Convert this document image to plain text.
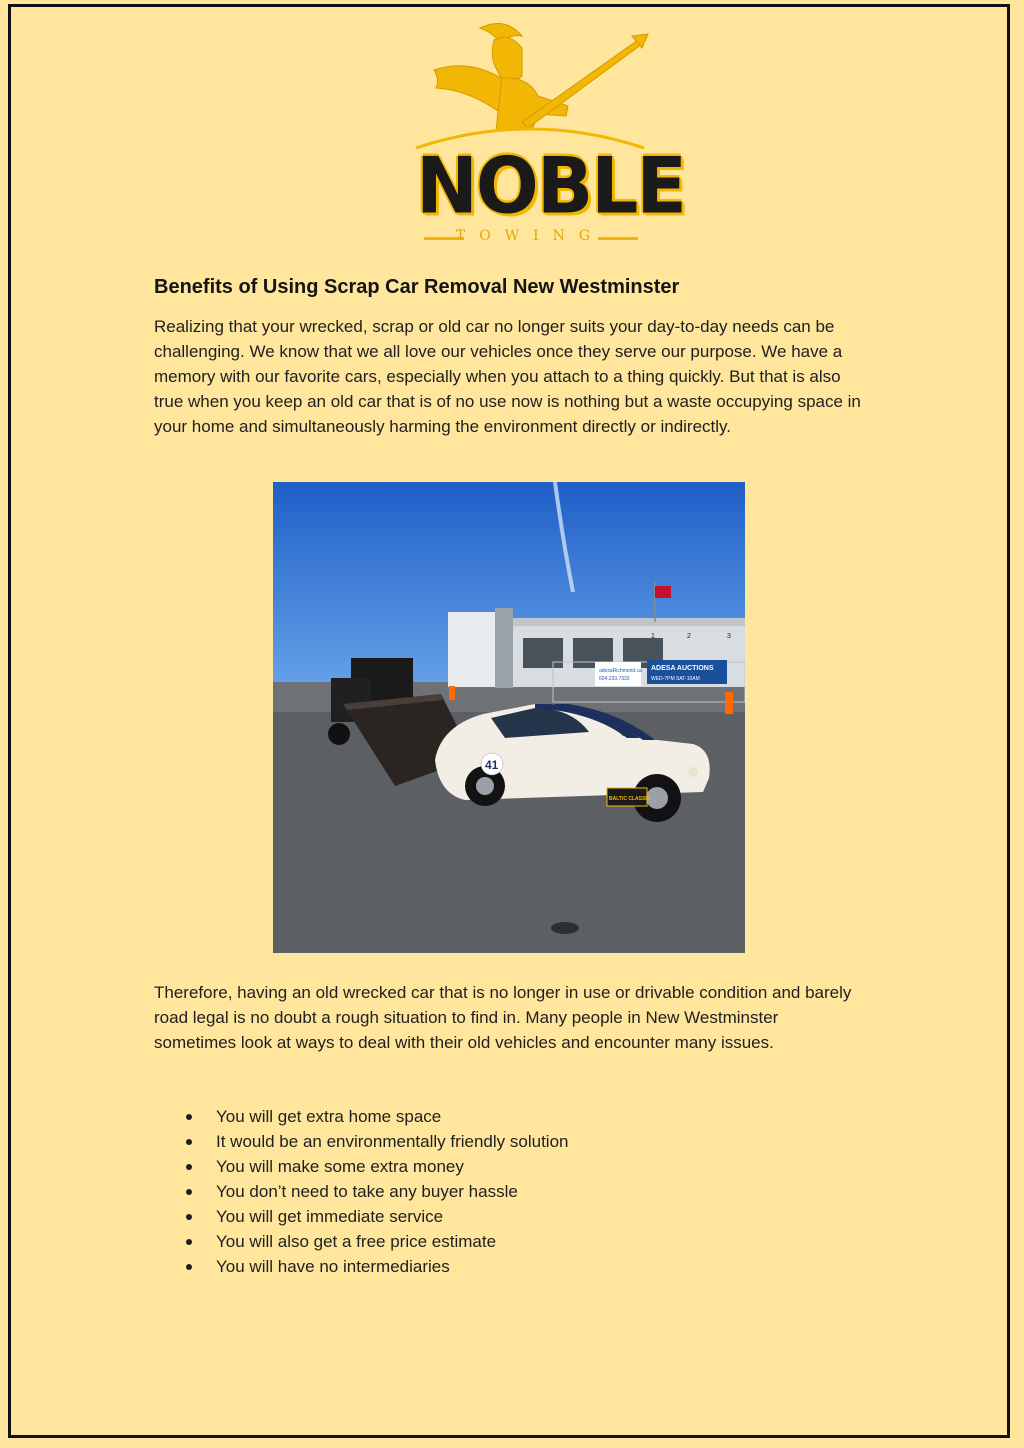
NOBLE
TOWING
Benefits of Using Scrap Car Removal New Westminster

Realizing that your wrecked, scrap or old car no longer suits your day-to-day needs can be challenging. We know that we all love our vehicles once they serve our purpose. We have a memory with our favorite cars, especially when you attach to a thing quickly. But that is also true when you keep an old car that is of no use now is nothing but a waste occupying space in your home and simultaneously harming the environment directly or indirectly.

1	2	3
adesaRichmond.ca
604.233.7333
ADESA AUCTIONS
WED-7PM SAT-10AM
41
BALTIC CLASSIC

Therefore, having an old wrecked car that is no longer in use or drivable condition and barely road legal is no doubt a rough situation to find in. Many people in New Westminster sometimes look at ways to deal with their old vehicles and encounter many issues.

You will get extra home space
It would be an environmentally friendly solution
You will make some extra money
You don’t need to take any buyer hassle
You will get immediate service
You will also get a free price estimate
You will have no intermediaries
